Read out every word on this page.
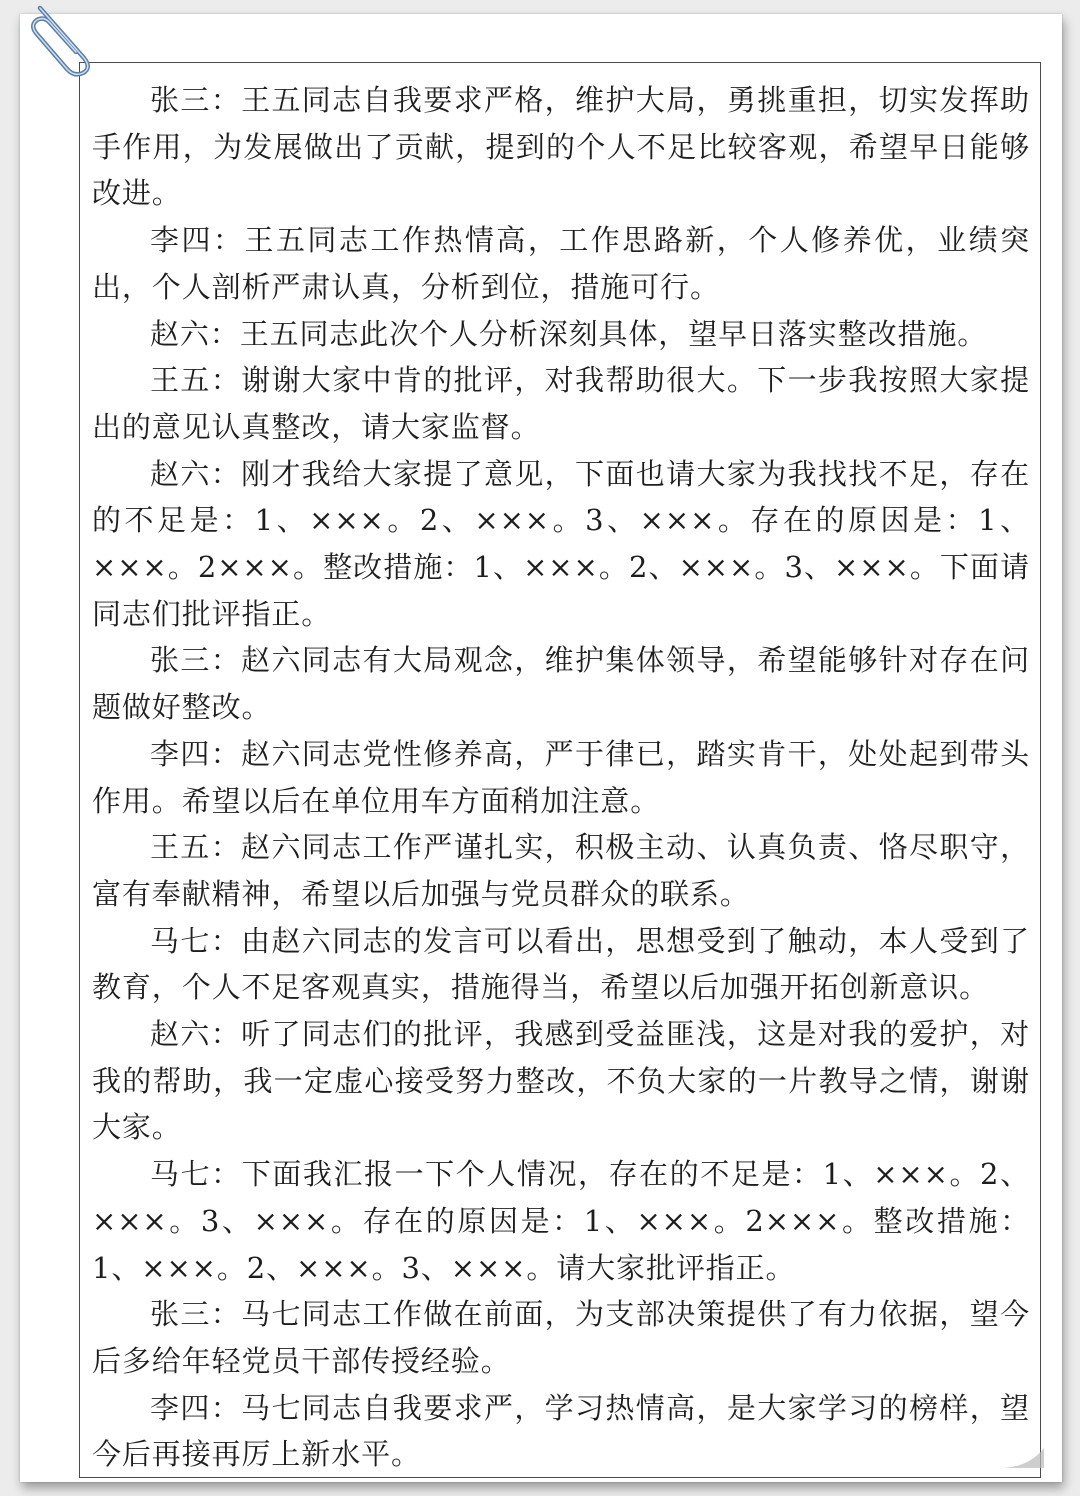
张三：王五同志自我要求严格，维护大局，勇挑重担，切实发挥助手作用，为发展做出了贡献，提到的个人不足比较客观，希望早日能够改进。

李四：王五同志工作热情高，工作思路新，个人修养优，业绩突出，个人剖析严肃认真，分析到位，措施可行。

赵六：王五同志此次个人分析深刻具体，望早日落实整改措施。

王五：谢谢大家中肯的批评，对我帮助很大。下一步我按照大家提出的意见认真整改，请大家监督。

赵六：刚才我给大家提了意见，下面也请大家为我找找不足，存在的不足是：1、×××。2、×××。3、×××。存在的原因是：1、×××。2×××。整改措施：1、×××。2、×××。3、×××。下面请同志们批评指正。

张三：赵六同志有大局观念，维护集体领导，希望能够针对存在问题做好整改。

李四：赵六同志党性修养高，严于律已，踏实肯干，处处起到带头作用。希望以后在单位用车方面稍加注意。

王五：赵六同志工作严谨扎实，积极主动、认真负责、恪尽职守，富有奉献精神，希望以后加强与党员群众的联系。

马七：由赵六同志的发言可以看出，思想受到了触动，本人受到了教育，个人不足客观真实，措施得当，希望以后加强开拓创新意识。

赵六：听了同志们的批评，我感到受益匪浅，这是对我的爱护，对我的帮助，我一定虚心接受努力整改，不负大家的一片教导之情，谢谢大家。

马七：下面我汇报一下个人情况，存在的不足是：1、×××。2、×××。3、×××。存在的原因是：1、×××。2×××。整改措施：1、×××。2、×××。3、×××。请大家批评指正。

张三：马七同志工作做在前面，为支部决策提供了有力依据，望今后多给年轻党员干部传授经验。

李四：马七同志自我要求严，学习热情高，是大家学习的榜样，望今后再接再厉上新水平。
